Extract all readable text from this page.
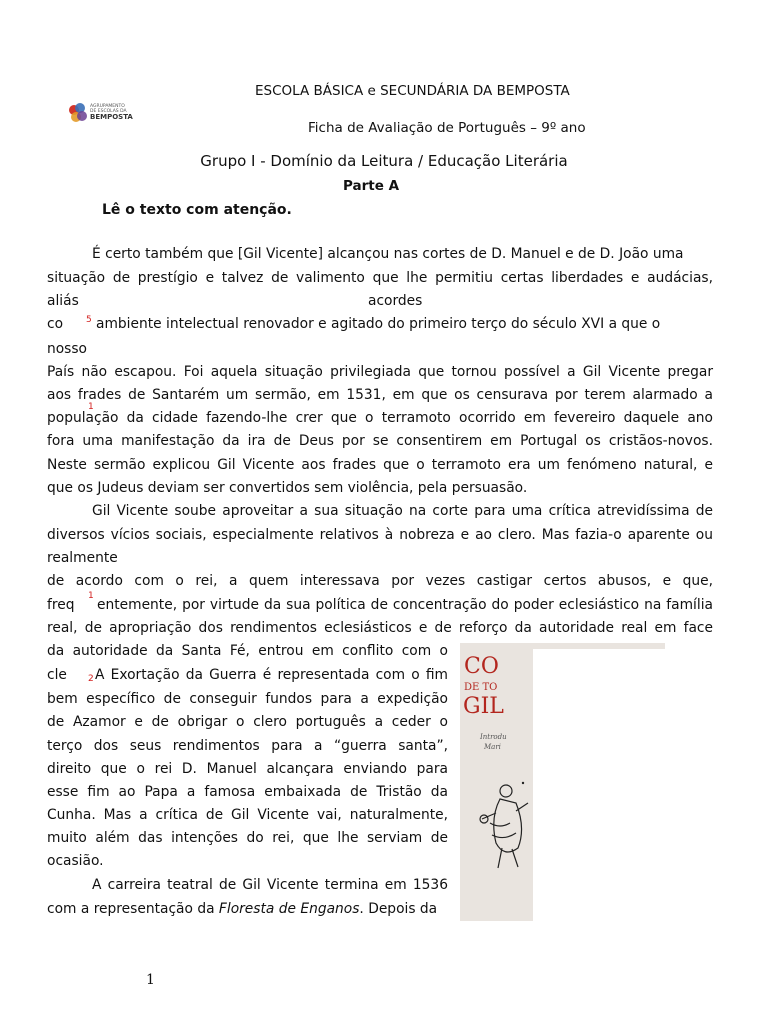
AGRUPAMENTO
DE ESCOLAS DA
BEMPOSTA
ESCOLA BÁSICA e SECUNDÁRIA DA BEMPOSTA
Ficha de Avaliação de Português – 9º ano
Grupo I - Domínio da Leitura / Educação Literária
Parte A
Lê o texto com atenção.
É certo também que [Gil Vicente] alcançou nas cortes de D. Manuel e de D. João uma
situação de prestígio e talvez de valimento que lhe permitiu certas liberdades e audácias,
aliás	acordes
co	5 ambiente intelectual renovador e agitado do primeiro terço do século XVI a que o
nosso
País não escapou. Foi aquela situação privilegiada que tornou possível a Gil Vicente pregar
aos frades de Santarém um sermão, em 1531, em que os censurava por terem alarmado a
1
população da cidade fazendo-lhe crer que o terramoto ocorrido em fevereiro daquele ano
fora uma manifestação da ira de Deus por se consentirem em Portugal os cristãos-novos.
Neste sermão explicou Gil Vicente aos frades que o terramoto era um fenómeno natural, e
que os Judeus deviam ser convertidos sem violência, pela persuasão.
Gil Vicente soube aproveitar a sua situação na corte para uma crítica atrevidíssima de
diversos vícios sociais, especialmente relativos à nobreza e ao clero. Mas fazia-o aparente ou
realmente
de acordo com o rei, a quem interessava por vezes castigar certos abusos, e que,
freq
1
entemente, por virtude da sua política de concentração do poder eclesiástico na família
real, de apropriação dos rendimentos eclesiásticos e de reforço da autoridade real em face
da autoridade da Santa Fé, entrou em conflito com o
cle 2 A Exortação da Guerra é representada com o fim
bem específico de conseguir fundos para a expedição
de Azamor e de obrigar o clero português a ceder o
terço dos seus rendimentos para a “guerra santa”,
direito que o rei D. Manuel alcançara enviando para
esse fim ao Papa a famosa embaixada de Tristão da
Cunha. Mas a crítica de Gil Vicente vai, naturalmente,
muito além das intenções do rei, que lhe serviam de
ocasião.
A carreira teatral de Gil Vicente termina em 1536
com a representação da Floresta de Enganos. Depois da
CO
DE TO
GIL
Introdu
Mari
1
